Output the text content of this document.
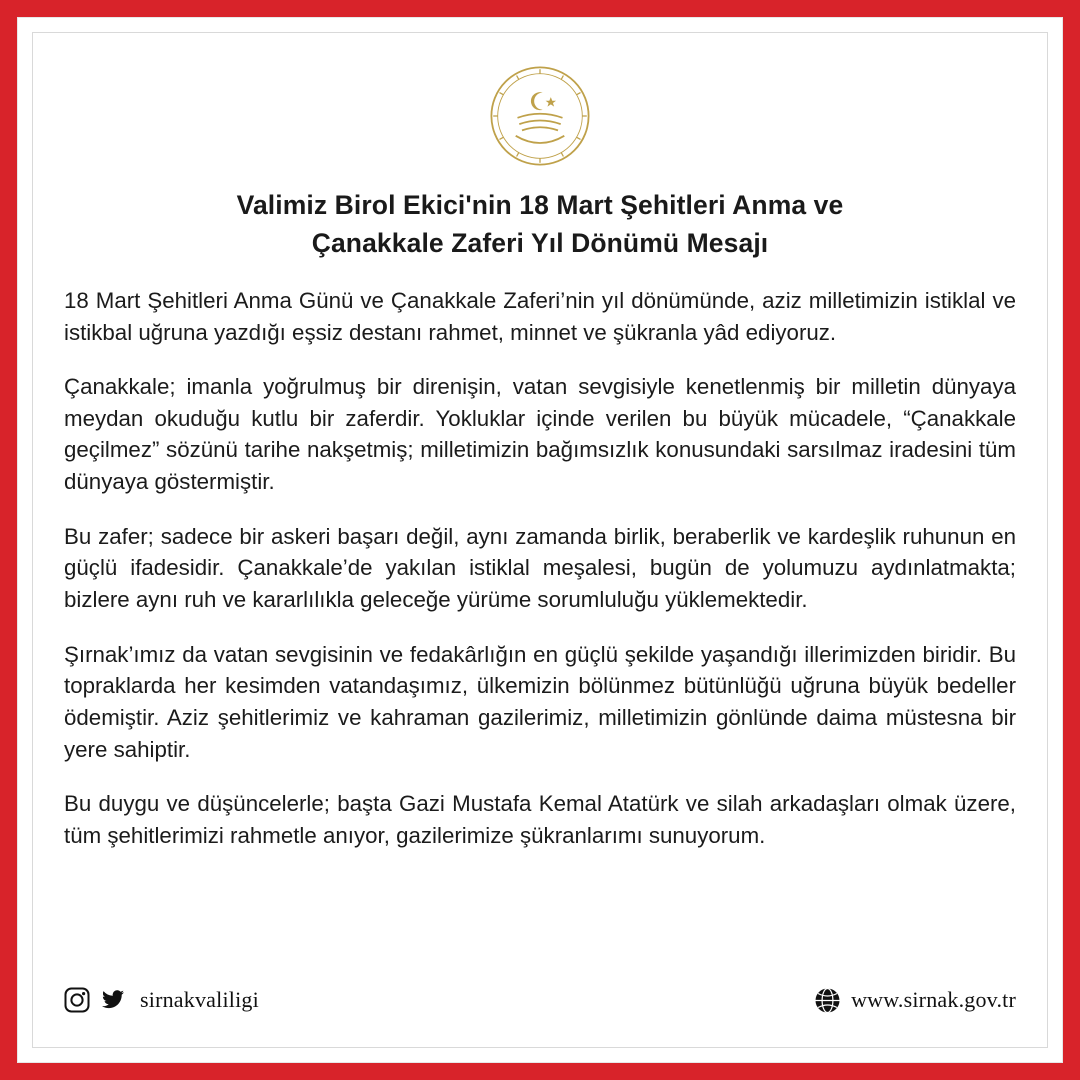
Valimiz Birol Ekici'nin 18 Mart Şehitleri Anma ve
Çanakkale Zaferi Yıl Dönümü Mesajı

18 Mart Şehitleri Anma Günü ve Çanakkale Zaferi’nin yıl dönümünde, aziz milletimizin istiklal ve istikbal uğruna yazdığı eşsiz destanı rahmet, minnet ve şükranla yâd ediyoruz.

Çanakkale; imanla yoğrulmuş bir direnişin, vatan sevgisiyle kenetlenmiş bir milletin dünyaya meydan okuduğu kutlu bir zaferdir. Yokluklar içinde verilen bu büyük mücadele, “Çanakkale geçilmez” sözünü tarihe nakşetmiş; milletimizin bağımsızlık konusundaki sarsılmaz iradesini tüm dünyaya göstermiştir.

Bu zafer; sadece bir askeri başarı değil, aynı zamanda birlik, beraberlik ve kardeşlik ruhunun en güçlü ifadesidir. Çanakkale’de yakılan istiklal meşalesi, bugün de yolumuzu aydınlatmakta; bizlere aynı ruh ve kararlılıkla geleceğe yürüme sorumluluğu yüklemektedir.

Şırnak’ımız da vatan sevgisinin ve fedakârlığın en güçlü şekilde yaşandığı illerimizden biridir. Bu topraklarda her kesimden vatandaşımız, ülkemizin bölünmez bütünlüğü uğruna büyük bedeller ödemiştir. Aziz şehitlerimiz ve kahraman gazilerimiz, milletimizin gönlünde daima müstesna bir yere sahiptir.

Bu duygu ve düşüncelerle; başta Gazi Mustafa Kemal Atatürk ve silah arkadaşları olmak üzere, tüm şehitlerimizi rahmetle anıyor, gazilerimize şükranlarımı sunuyorum.

sirnakvaliligi	www.sirnak.gov.tr
